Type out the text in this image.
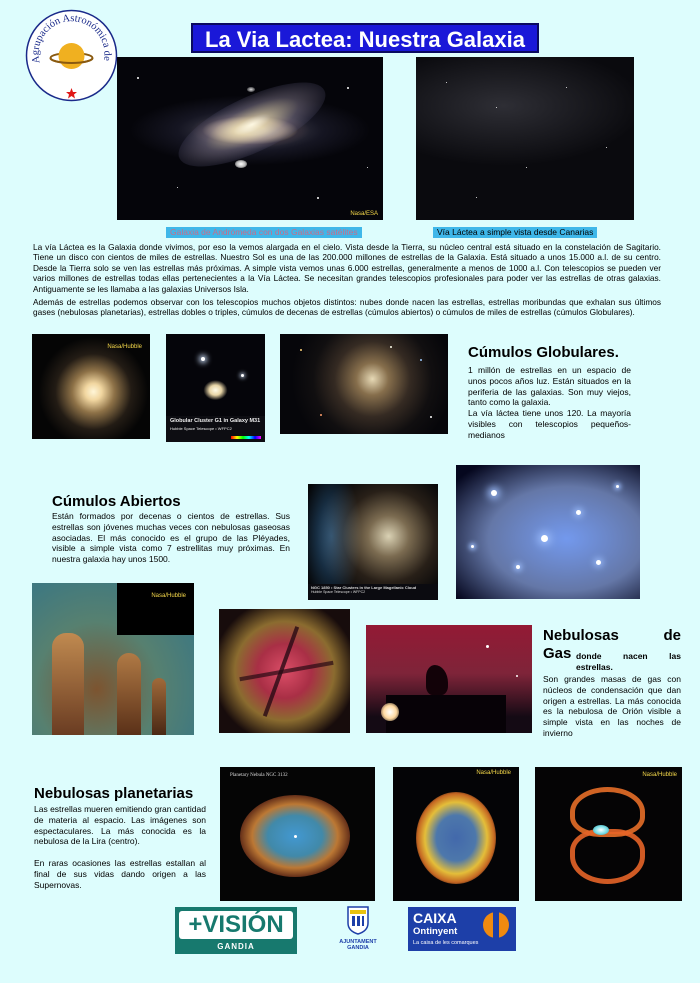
Agrupación Astronómica de
La Via Lactea: Nuestra Galaxia
Nasa/ESA
Galaxia de Andrómeda con dos Galaxias satélites	Vía Láctea a simple vista desde Canarias

La vía Láctea es la Galaxia donde vivimos, por eso la vemos alargada en el cielo. Vista desde la Tierra, su núcleo central está situado en la constelación de Sagitario. Tiene un disco con cientos de miles de estrellas. Nuestro Sol es una de las 200.000 millones de estrellas de la Galaxia. Está situado a unos 15.000 a.l. de su centro. Desde la Tierra solo se ven las estrellas más próximas. A simple vista vemos unas 6.000 estrellas, generalmente a menos de 1000 a.l. Con telescopios se pueden ver varios millones de estrellas todas ellas pertenecientes a la Vía Láctea. Se necesitan grandes telescopios profesionales para poder ver las estrellas de otras galaxias. Antiguamente se les llamaba a las galaxias Universos Isla.

Además de estrellas podemos observar con los telescopios muchos objetos distintos: nubes donde nacen las estrellas, estrellas moribundas que exhalan sus últimos gases (nebulosas planetarias), estrellas dobles o triples, cúmulos de decenas de estrellas (cúmulos abiertos) o cúmulos de miles de estrellas (cúmulos Globulares).

Nasa/Hubble
Globular Cluster G1 in Galaxy M31
Hubble Space Telescope • WFPC2
Cúmulos Globulares.

1 millón de estrellas en un espacio de unos pocos años luz. Están situados en la periferia de las galaxias. Son muy viejos, tanto como la galaxia.

La vía láctea tiene unos 120. La mayoría visibles con telescopios pequeños-medianos

Cúmulos Abiertos

Están formados por decenas o cientos de estrellas. Sus estrellas son jóvenes muchas veces con nebulosas gaseosas asociadas. El más conocido es el grupo de las Pléyades, visible a simple vista como 7 estrellitas muy próximas. En nuestra galaxia hay unos 1500.

NGC 1850 • Star Clusters in the Large Magellanic Cloud
Hubble Space Telescope • WFPC2
Nasa/Hubble
Nebulosas	de
Gas donde nacen las estrellas.

Son grandes masas de gas con núcleos de condensación que dan origen a estrellas. La más conocida es la nebulosa de Orión visible a simple vista en las noches de invierno

Nebulosas planetarias

Las estrellas mueren emitiendo gran cantidad de materia al espacio. Las imágenes son espectaculares. La más conocida es la nebulosa de la Lira (centro).

En raras ocasiones las estrellas estallan al final de sus vidas dando origen a las Supernovas.

Planetary Nebula NGC 3132	Nasa/Hubble	Nasa/Hubble
+VISIÓN
GANDIA	AJUNTAMENT
GANDIA
CAIXA
Ontinyent
La caixa de les comarques
